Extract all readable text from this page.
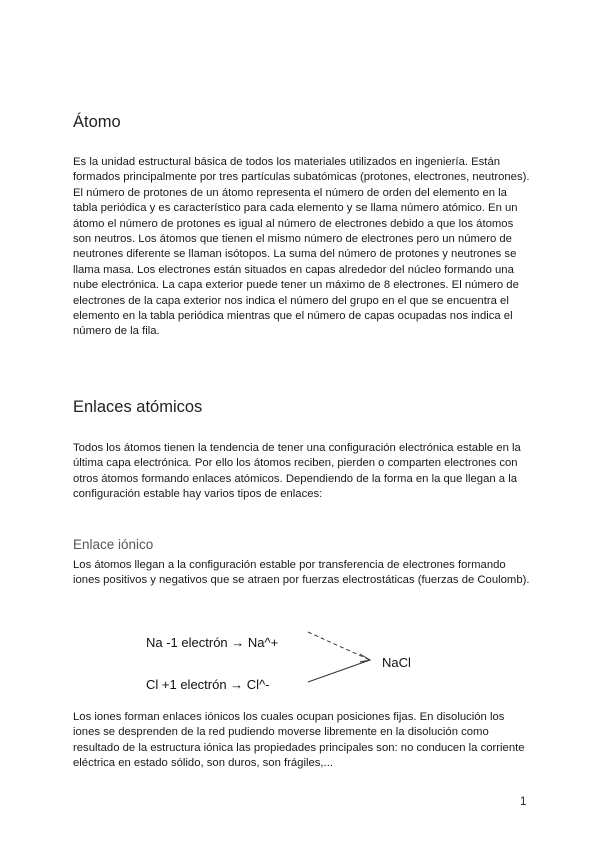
Átomo
Es la unidad estructural básica de todos los materiales utilizados en ingeniería. Están formados principalmente por tres partículas subatómicas (protones, electrones, neutrones). El número de protones de un átomo representa el número de orden del elemento en la tabla periódica y es característico para cada elemento y se llama número atómico. En un átomo el número de protones es igual al número de electrones debido a que los átomos son neutros. Los átomos que tienen el mismo número de electrones pero un número de neutrones diferente se llaman isótopos. La suma del número de protones y neutrones se llama masa. Los electrones están situados en capas alrededor del núcleo formando una nube electrónica. La capa exterior puede tener un máximo de 8 electrones. El número de electrones de la capa exterior nos indica el número del grupo en el que se encuentra el elemento en la tabla periódica mientras que el número de capas ocupadas nos indica el número de la fila.
Enlaces atómicos
Todos los átomos tienen la tendencia de tener una configuración electrónica estable en la última capa electrónica. Por ello los átomos reciben, pierden o comparten electrones con otros átomos formando enlaces atómicos. Dependiendo de la forma en la que llegan a la configuración estable hay varios tipos de enlaces:
Enlace iónico
Los átomos llegan a la configuración estable por transferencia de electrones formando iones positivos y negativos que se atraen por fuerzas electrostáticas (fuerzas de Coulomb).
Na -1 electrón → Na^+
Cl +1 electrón → Cl^-
NaCl
Los iones forman enlaces iónicos los cuales ocupan posiciones fijas. En disolución los iones se desprenden de la red pudiendo moverse libremente en la disolución como resultado de la estructura iónica las propiedades principales son: no conducen la corriente eléctrica en estado sólido, son duros, son frágiles,...
1
